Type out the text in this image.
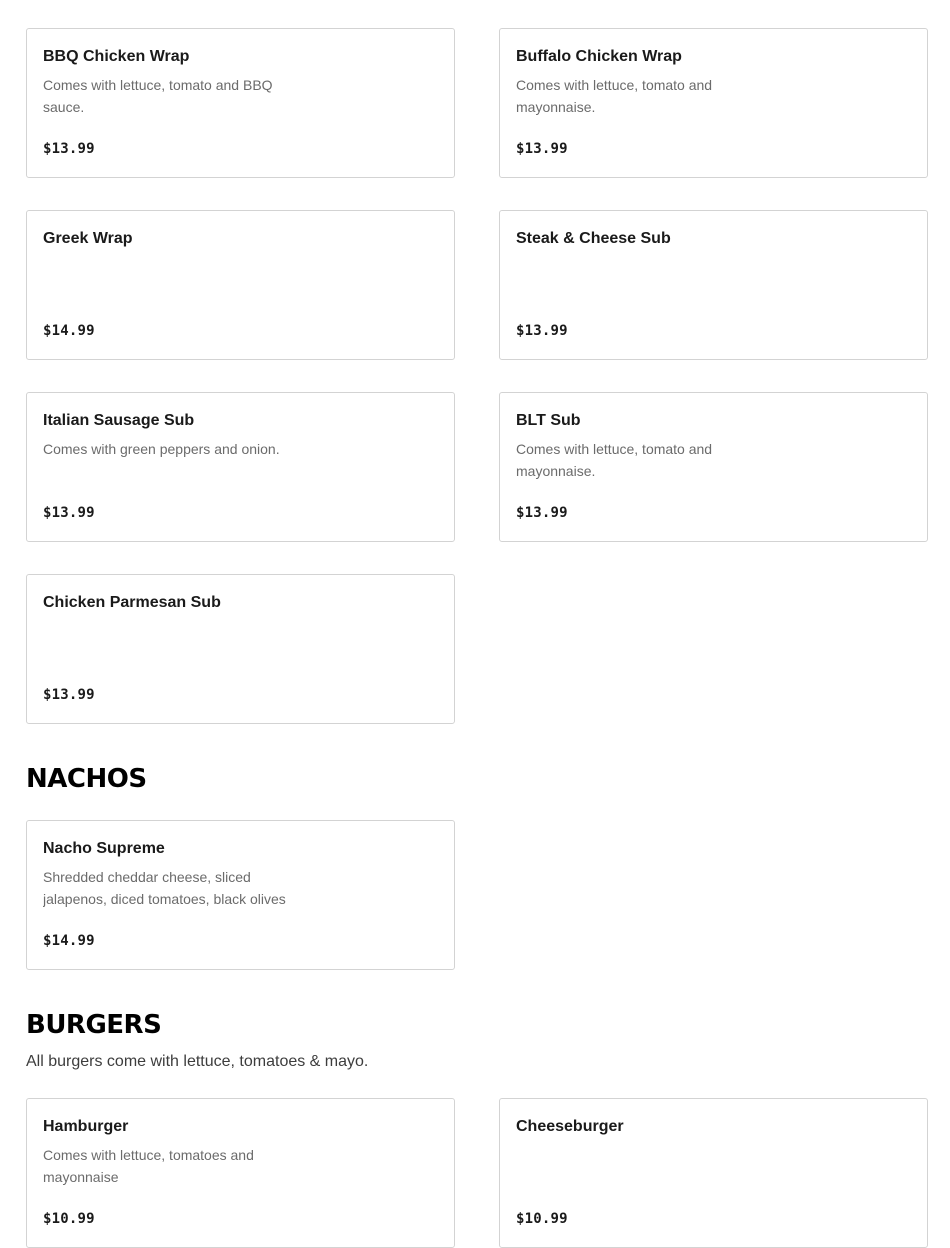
BBQ Chicken Wrap
Comes with lettuce, tomato and BBQ sauce.
$13.99
Buffalo Chicken Wrap
Comes with lettuce, tomato and mayonnaise.
$13.99
Greek Wrap
$14.99
Steak & Cheese Sub
$13.99
Italian Sausage Sub
Comes with green peppers and onion.
$13.99
BLT Sub
Comes with lettuce, tomato and mayonnaise.
$13.99
Chicken Parmesan Sub
$13.99
NACHOS
Nacho Supreme
Shredded cheddar cheese, sliced jalapenos, diced tomatoes, black olives
$14.99
BURGERS
All burgers come with lettuce, tomatoes & mayo.
Hamburger
Comes with lettuce, tomatoes and mayonnaise
$10.99
Cheeseburger
$10.99
